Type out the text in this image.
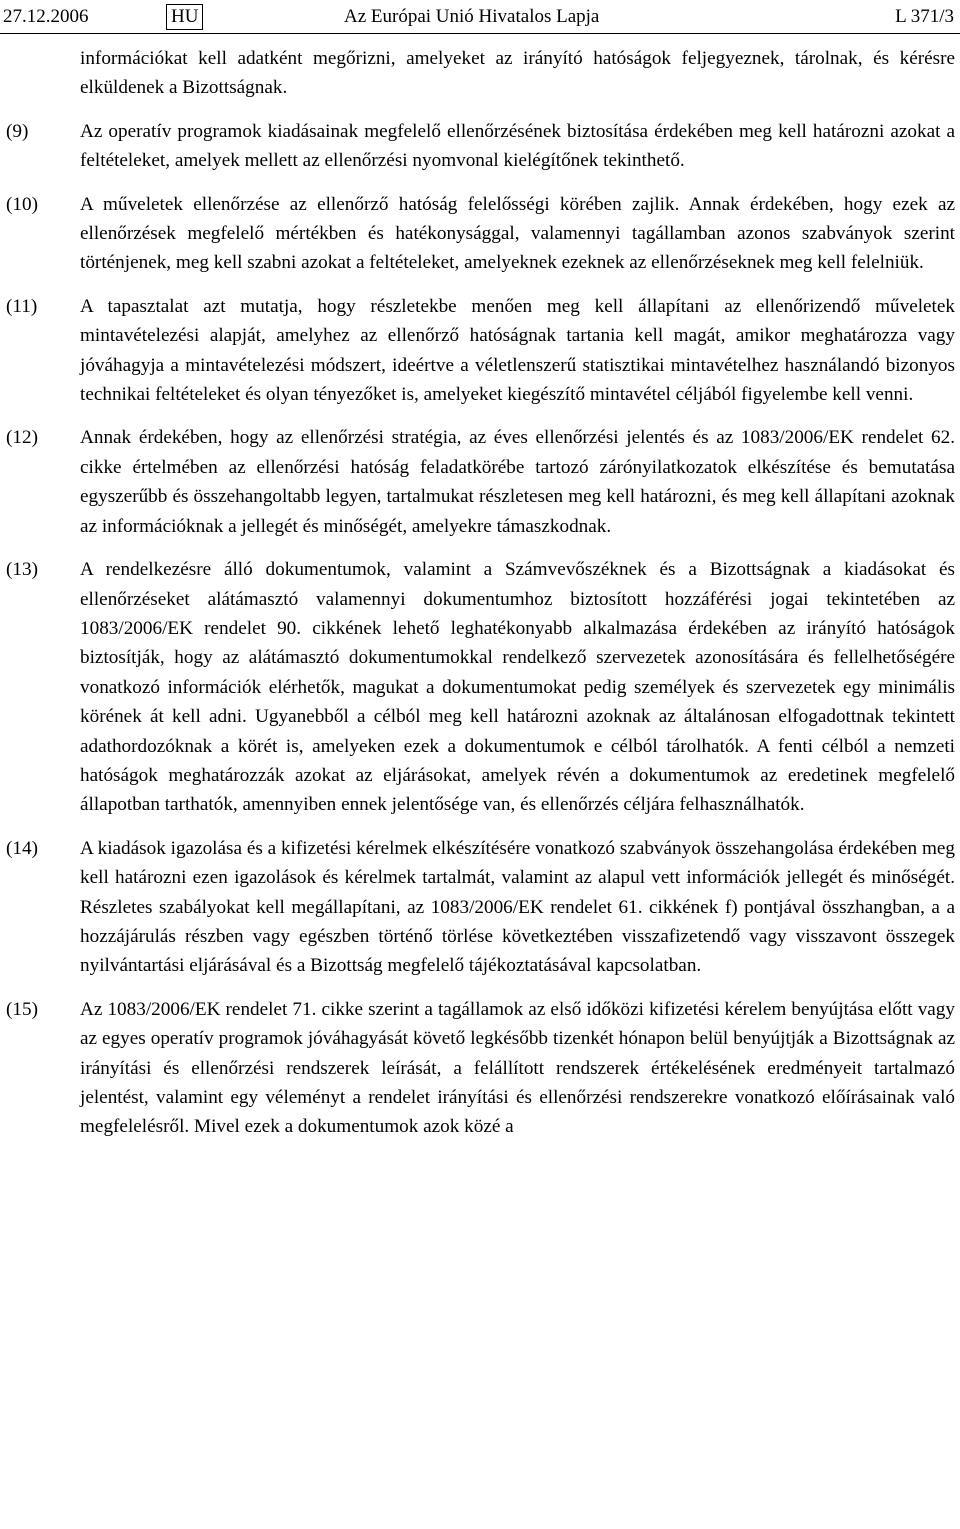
27.12.2006	HU	Az Európai Unió Hivatalos Lapja	L 371/3
információkat kell adatként megőrizni, amelyeket az irányító hatóságok feljegyeznek, tárolnak, és kérésre elküldenek a Bizottságnak.
(9)	Az operatív programok kiadásainak megfelelő ellenőrzésének biztosítása érdekében meg kell határozni azokat a feltételeket, amelyek mellett az ellenőrzési nyomvonal kielégítőnek tekinthető.
(10) A műveletek ellenőrzése az ellenőrző hatóság felelősségi körében zajlik. Annak érdekében, hogy ezek az ellenőrzések megfelelő mértékben és hatékonysággal, valamennyi tagállamban azonos szabványok szerint történjenek, meg kell szabni azokat a feltételeket, amelyeknek ezeknek az ellenőrzéseknek meg kell felelniük.
(11) A tapasztalat azt mutatja, hogy részletekbe menően meg kell állapítani az ellenőrizendő műveletek mintavételezési alapját, amelyhez az ellenőrző hatóságnak tartania kell magát, amikor meghatározza vagy jóváhagyja a mintavételezési módszert, ideértve a véletlenszerű statisztikai mintavételhez használandó bizonyos technikai feltételeket és olyan tényezőket is, amelyeket kiegészítő mintavétel céljából figyelembe kell venni.
(12) Annak érdekében, hogy az ellenőrzési stratégia, az éves ellenőrzési jelentés és az 1083/2006/EK rendelet 62. cikke értelmében az ellenőrzési hatóság feladatkörébe tartozó zárónyilatkozatok elkészítése és bemutatása egyszerűbb és összehangoltabb legyen, tartalmukat részletesen meg kell határozni, és meg kell állapítani azoknak az információknak a jellegét és minőségét, amelyekre támaszkodnak.
(13) A rendelkezésre álló dokumentumok, valamint a Számvevőszéknek és a Bizottságnak a kiadásokat és ellenőrzéseket alátámasztó valamennyi dokumentumhoz biztosított hozzáférési jogai tekintetében az 1083/2006/EK rendelet 90. cikkének lehető leghatékonyabb alkalmazása érdekében az irányító hatóságok biztosítják, hogy az alátámasztó dokumentumokkal rendelkező szervezetek azonosítására és fellelhetőségére vonatkozó információk elérhetők, magukat a dokumentumokat pedig személyek és szervezetek egy minimális körének át kell adni. Ugyanebből a célból meg kell határozni azoknak az általánosan elfogadottnak tekintett adathordozóknak a körét is, amelyeken ezek a dokumentumok e célból tárolhatók. A fenti célból a nemzeti hatóságok meghatározzák azokat az eljárásokat, amelyek révén a dokumentumok az eredetinek megfelelő állapotban tarthatók, amennyiben ennek jelentősége van, és ellenőrzés céljára felhasználhatók.
(14) A kiadások igazolása és a kifizetési kérelmek elkészítésére vonatkozó szabványok összehangolása érdekében meg kell határozni ezen igazolások és kérelmek tartalmát, valamint az alapul vett információk jellegét és minőségét. Részletes szabályokat kell megállapítani, az 1083/2006/EK rendelet 61. cikkének f) pontjával összhangban, a a hozzájárulás részben vagy egészben történő törlése következtében visszafizetendő vagy visszavont összegek nyilvántartási eljárásával és a Bizottság megfelelő tájékoztatásával kapcsolatban.
(15) Az 1083/2006/EK rendelet 71. cikke szerint a tagállamok az első időközi kifizetési kérelem benyújtása előtt vagy az egyes operatív programok jóváhagyását követő legkésőbb tizenkét hónapon belül benyújtják a Bizottságnak az irányítási és ellenőrzési rendszerek leírását, a felállított rendszerek értékelésének eredményeit tartalmazó jelentést, valamint egy véleményt a rendelet irányítási és ellenőrzési rendszerekre vonatkozó előírásainak való megfelelésről. Mivel ezek a dokumentumok azok közé a
